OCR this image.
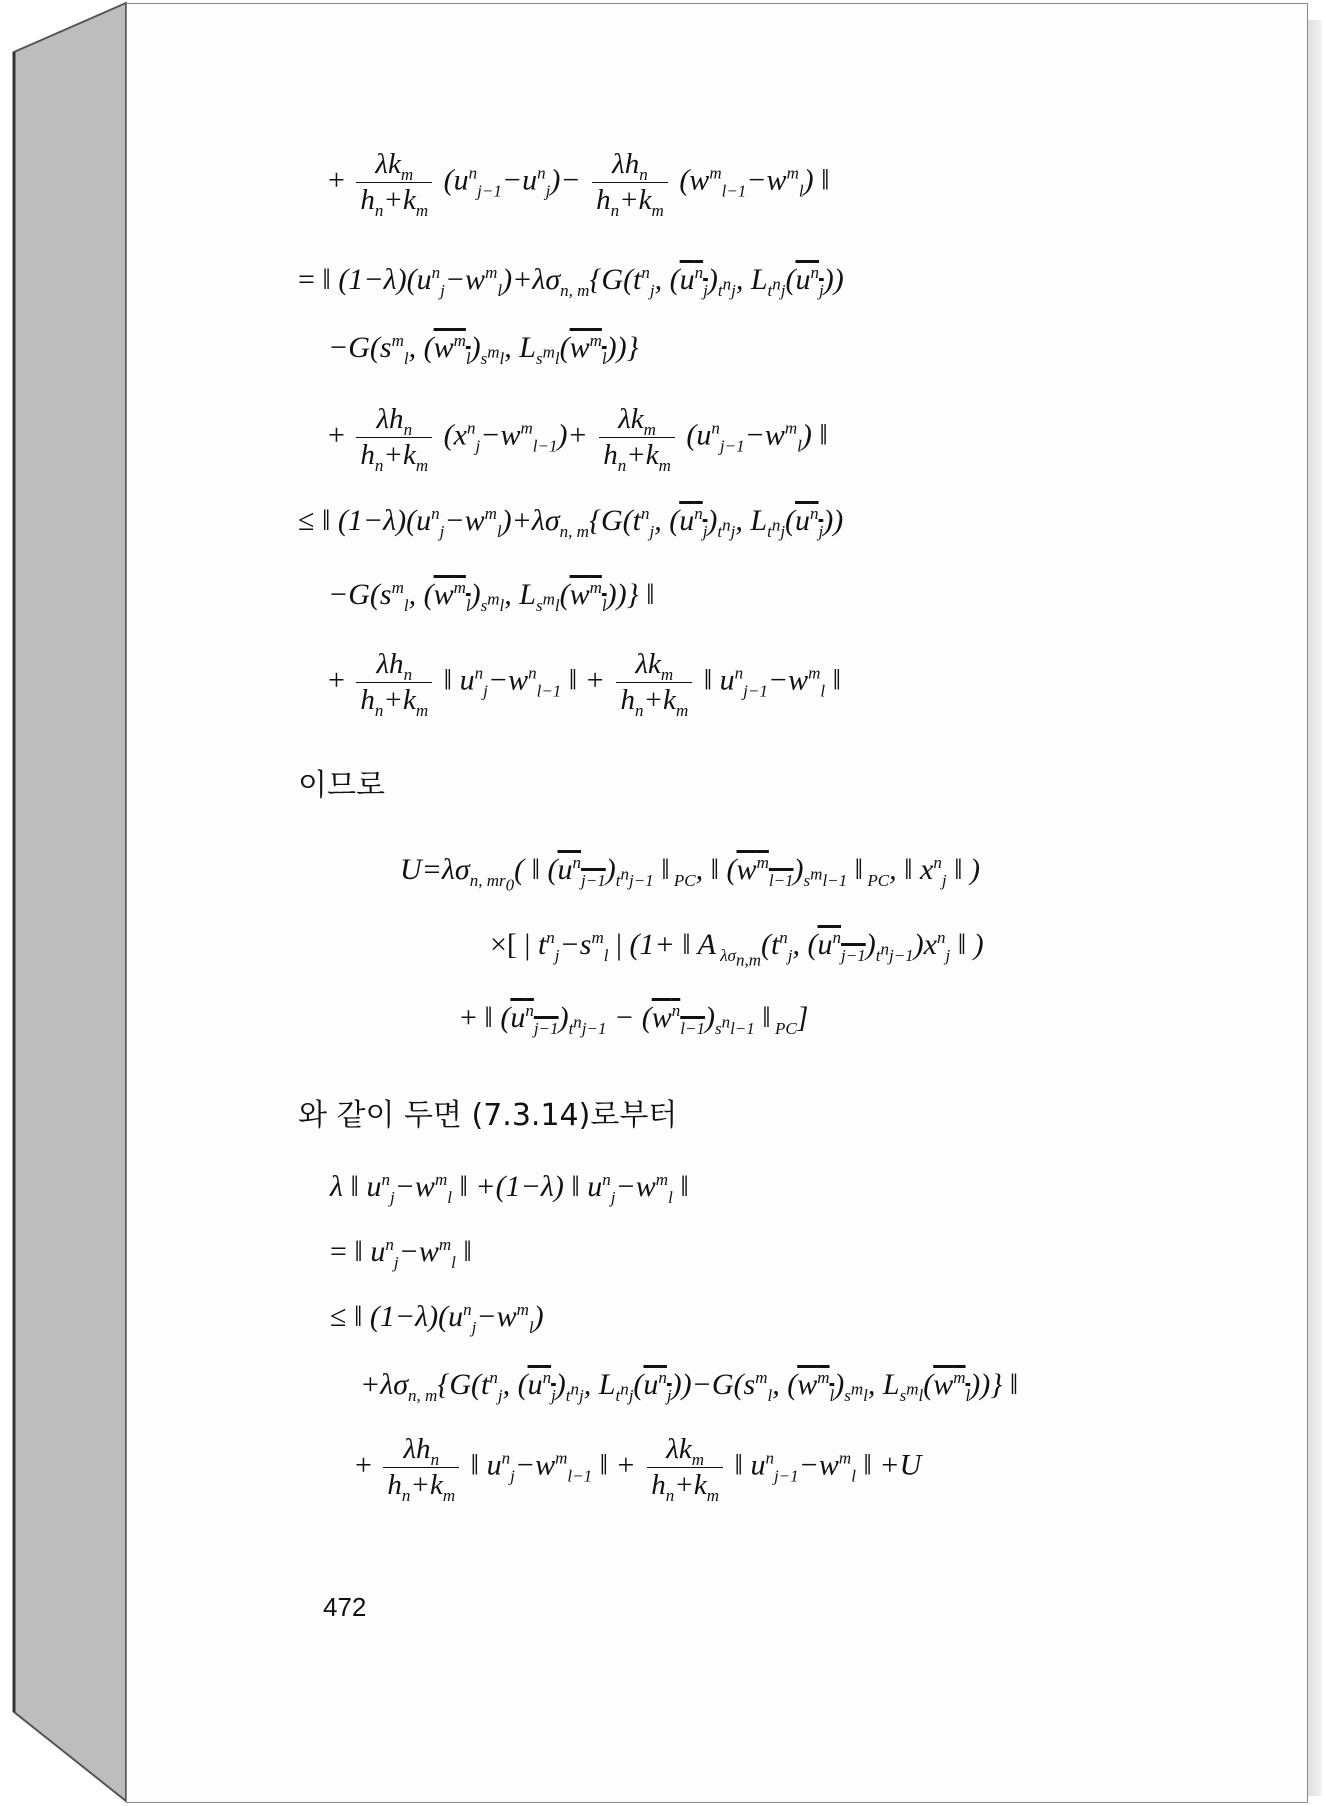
+ $\frac{\lambda k_m}{h_n+k_m} (u^n_{j-1}-u^n_j)- \frac{\lambda h_n}{h_n+k_m} (w^m_{l-1}-w^m_l)$ ‖
= ‖ $(1-\lambda)(u^n_j-w^m_l)+\lambda\sigma_{n, m}\{G(t^n_j$, $(u^n_j)_{t^nj}$, $L_{t^nj}(u^n_j)$)
$-G(s^m_l$, $(w^m_l)_{s^ml}$, $L_{s^ml}(w^m_l)$)}
+ $\frac{\lambda h_n}{h_n+k_m} (x^n_j-w^m_{l-1})+ \frac{\lambda k_m}{h_n+k_m} (u^n_{j-1}-w^m_l)$ ‖
≤ ‖ $(1-\lambda)(u^n_j-w^m_l)+\lambda\sigma_{n, m}\{G(t^n_j$, $(u^n_j)_{t^nj}$, $L_{t^nj}(u^n_j)$)
$-G(s^m_l$, $(w^m_l)_{s^ml}$, $L_{s^ml}(w^m_l)$)} ‖
+ $\frac{\lambda h_n}{h_n+k_m}$ ‖ $u^n_j-w^n_{l-1}$ ‖ + $\frac{\lambda k_m}{h_n+k_m}$ ‖ $u^n_{j-1}-w^m_l$ ‖
이므로
$U=\lambda\sigma_{n, mr_0}$( ‖ $(u^n_{j-1})_{t^nj-1}$ ‖ $_{PC}$, ‖ $(w^m_{l-1})_{s^ml-1}$ ‖ $_{PC}$, ‖ $x^n_j$ ‖ )
×[ | $t^n_j-s^m_l$ | (1+ ‖ A $_{\lambda\sigma_{n,m}}(t^n_j$, $(u^n_{j-1})_{t^nj-1})x^n_j$ ‖ )
+ ‖ $(u^n_{j-1})_{t^nj-1} - (w^n_{l-1})_{s^nl-1}$ ‖ $_{PC}$]
와 같이 두면 (7.3.14)로부터
λ ‖ $u^n_j-w^m_l$ ‖ +(1−λ) ‖ $u^n_j-w^m_l$ ‖
= ‖ $u^n_j-w^m_l$ ‖
≤ ‖ $(1-\lambda)(u^n_j-w^m_l)$
$+\lambda\sigma_{n, m}\{G(t^n_j$, $(u^n_j)_{t^nj}$, $L_{t^nj}(u^n_j))-G(s^m_l$, $(w^m_l)_{s^ml}$, $L_{s^ml}(w^m_l)$)} ‖
+ $\frac{\lambda h_n}{h_n+k_m}$ ‖ $u^n_j-w^m_{l-1}$ ‖ + $\frac{\lambda k_m}{h_n+k_m}$ ‖ $u^n_{j-1}-w^m_l$ ‖ +U
472
